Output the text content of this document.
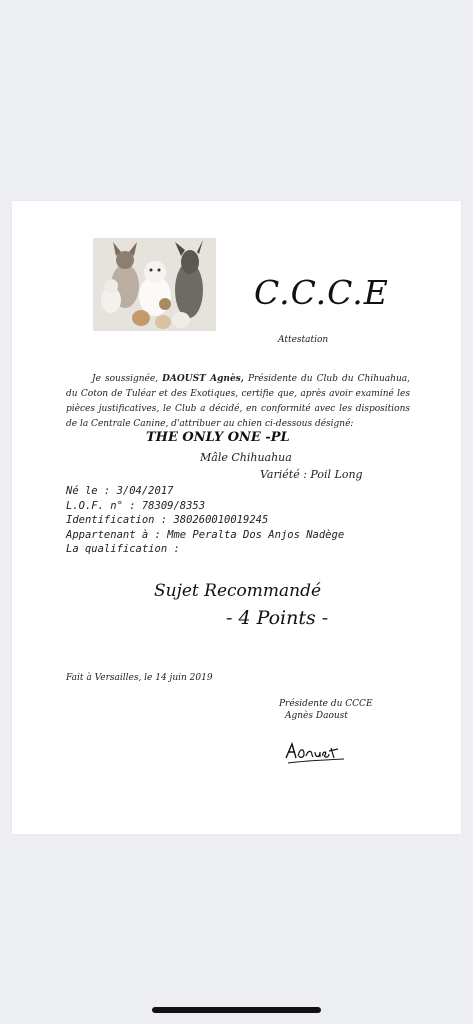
C.C.C.E
Attestation
Je soussignée, DAOUST Agnès, Présidente du Club du Chihuahua, du Coton de Tuléar et des Exotiques, certifie que, après avoir examiné les pièces justificatives, le Club a décidé, en conformité avec les dispositions de la Centrale Canine, d'attribuer au chien ci-dessous désigné:
THE ONLY ONE -PL
Mâle Chihuahua
Variété : Poil Long
Né le : 3/04/2017
L.O.F. n° : 78309/8353
Identification : 380260010019245
Appartenant à : Mme Peralta Dos Anjos Nadège
La qualification :
Sujet Recommandé
- 4 Points -
Fait à Versailles, le 14 juin 2019
Présidente du CCCE
Agnès Daoust
